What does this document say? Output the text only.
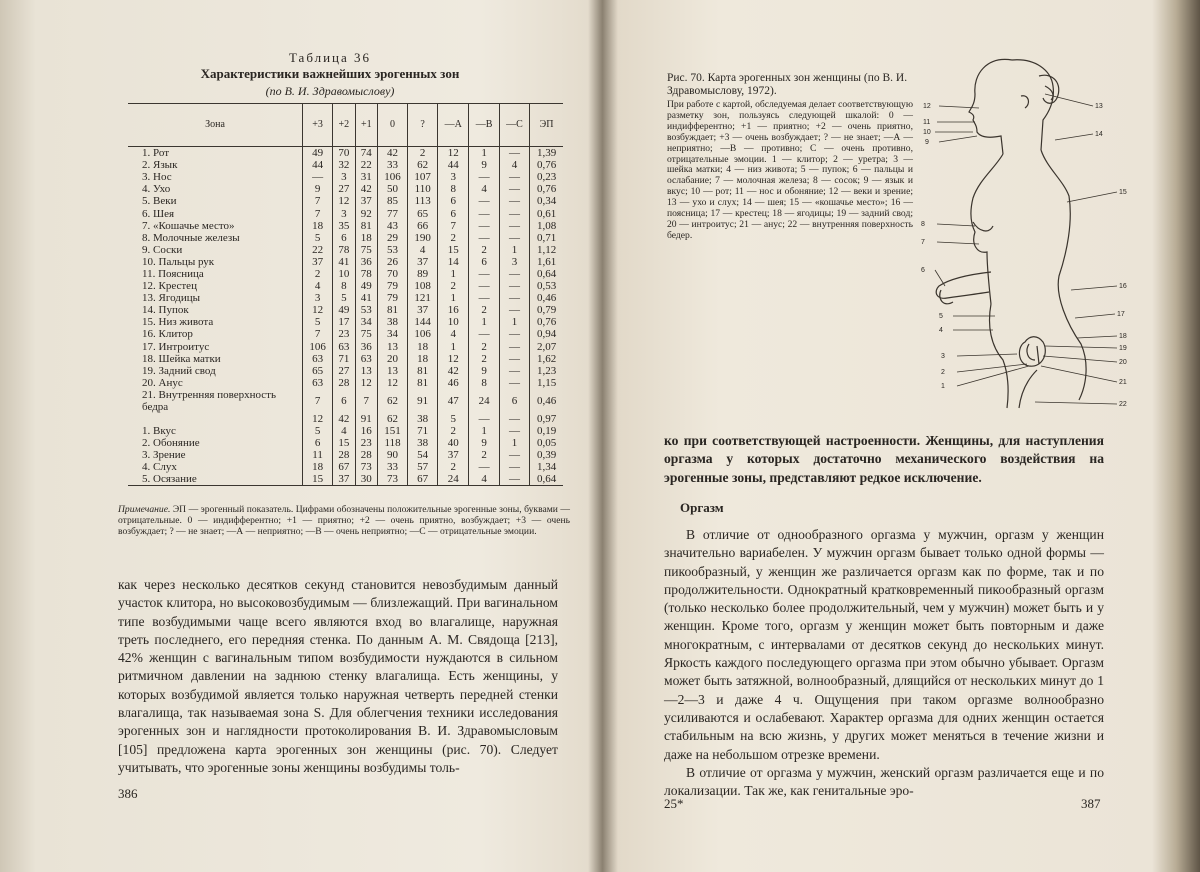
Таблица 36
Характеристики важнейших эрогенных зон
(по В. И. Здравомыслову)
Зона	+3	+2	+1	0	?	—А	—В	—С	ЭП
1. Рот	49	70	74	42	2	12	1	—	1,39
2. Язык	44	32	22	33	62	44	9	4	0,76
3. Нос	—	3	31	106	107	3	—	—	0,23
4. Ухо	9	27	42	50	110	8	4	—	0,76
5. Веки	7	12	37	85	113	6	—	—	0,34
6. Шея	7	3	92	77	65	6	—	—	0,61
7. «Кошачье место»	18	35	81	43	66	7	—	—	1,08
8. Молочные железы	5	6	18	29	190	2	—	—	0,71
9. Соски	22	78	75	53	4	15	2	1	1,12
10. Пальцы рук	37	41	36	26	37	14	6	3	1,61
11. Поясница	2	10	78	70	89	1	—	—	0,64
12. Крестец	4	8	49	79	108	2	—	—	0,53
13. Ягодицы	3	5	41	79	121	1	—	—	0,46
14. Пупок	12	49	53	81	37	16	2	—	0,79
15. Низ живота	5	17	34	38	144	10	1	1	0,76
16. Клитор	7	23	75	34	106	4	—	—	0,94
17. Интроитус	106	63	36	13	18	1	2	—	2,07
18. Шейка матки	63	71	63	20	18	12	2	—	1,62
19. Задний свод	65	27	13	13	81	42	9	—	1,23
20. Анус	63	28	12	12	81	46	8	—	1,15
21. Внутренняя поверхность бедра	7	6	7	62	91	47	24	6	0,46
	12	42	91	62	38	5	—	—	0,97
1. Вкус	5	4	16	151	71	2	1	—	0,19
2. Обоняние	6	15	23	118	38	40	9	1	0,05
3. Зрение	11	28	28	90	54	37	2	—	0,39
4. Слух	18	67	73	33	57	2	—	—	1,34
5. Осязание	15	37	30	73	67	24	4	—	0,64
Примечание. ЭП — эрогенный показатель. Цифрами обозначены положительные эрогенные зоны, буквами — отрицательные. 0 — индифферентно; +1 — приятно; +2 — очень приятно, возбуждает; +3 — очень возбуждает; ? — не знает; —А — неприятно; —В — очень неприятно; —С — отрицательные эмоции.

как через несколько десятков секунд становится невозбудимым данный участок клитора, но высоковозбудимым — близлежащий. При вагинальном типе возбудимыми чаще всего являются вход во влагалище, наружная треть последнего, его передняя стенка. По данным А. М. Свядоща [213], 42% женщин с вагинальным типом возбудимости нуждаются в сильном ритмичном давлении на заднюю стенку влагалища. Есть женщины, у которых возбудимой является только наружная четверть передней стенки влагалища, так называемая зона S. Для облегчения техники исследования эрогенных зон и наглядности протоколирования В. И. Здравомысловым [105] предложена карта эрогенных зон женщины (рис. 70). Следует учитывать, что эрогенные зоны женщины возбудимы толь-

386
Рис. 70. Карта эрогенных зон женщины (по В. И. Здравомыслову, 1972).
При работе с картой, обследуемая делает соответствующую разметку зон, пользуясь следующей шкалой: 0 — индифферентно; +1 — приятно; +2 — очень приятно, возбуждает; +3 — очень возбуждает; ? — не знает; —А — неприятно; —В — противно; С — очень противно, отрицательные эмоции. 1 — клитор; 2 — уретра; 3 — шейка матки; 4 — низ живота; 5 — пупок; 6 — пальцы и ослабание; 7 — молочная железа; 8 — сосок; 9 — язык и вкус; 10 — рот; 11 — нос и обоняние; 12 — веки и зрение; 13 — ухо и слух; 14 — шея; 15 — «кошачье место»; 16 — поясница; 17 — крестец; 18 — ягодицы; 19 — задний свод; 20 — интроитус; 21 — анус; 22 — внутренняя поверхность бедер.
12
11
10
9
8
7
6
5
4
3
2
1
13
14
15
16
17
18
19
20
21
22

ко при соответствующей настроенности. Женщины, для наступления оргазма у которых достаточно механического воздействия на эрогенные зоны, представляют редкое исключение.

Оргазм

В отличие от однообразного оргазма у мужчин, оргазм у женщин значительно вариабелен. У мужчин оргазм бывает только одной формы — пикообразный, у женщин же различается оргазм как по форме, так и по продолжительности. Однократный кратковременный пикообразный оргазм (только несколько более продолжительный, чем у мужчин) может быть и у женщин. Кроме того, оргазм у женщин может быть повторным и даже многократным, с интервалами от десятков секунд до нескольких минут. Яркость каждого последующего оргазма при этом обычно убывает. Оргазм может быть затяжной, волнообразный, длящийся от нескольких минут до 1—2—3 и даже 4 ч. Ощущения при таком оргазме волнообразно усиливаются и ослабевают. Характер оргазма для одних женщин остается стабильным на всю жизнь, у других может меняться в течение жизни и даже на небольшом отрезке времени.

В отличие от оргазма у мужчин, женский оргазм различается еще и по локализации. Так же, как генитальные эро-

25*	387
